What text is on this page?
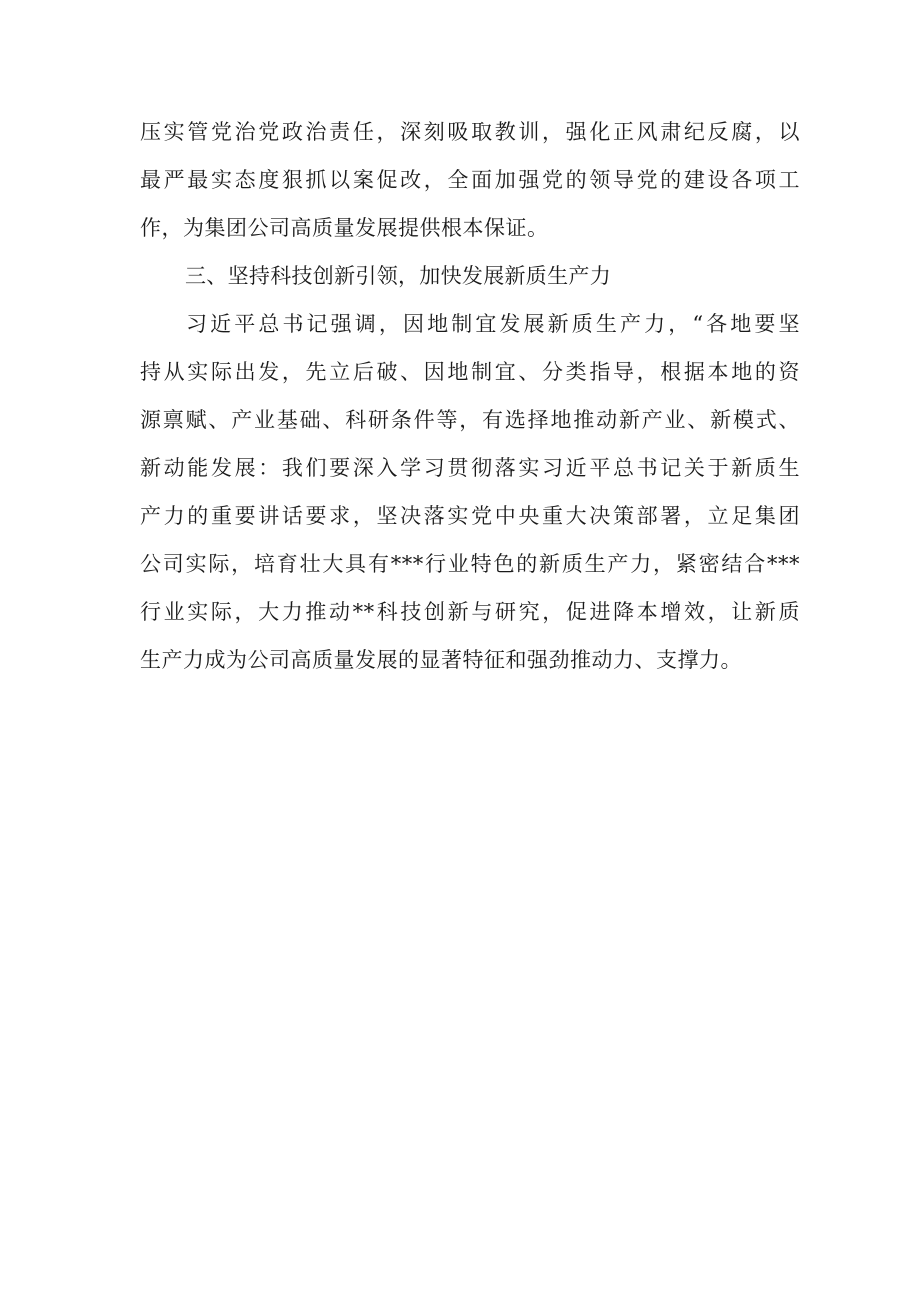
压实管党治党政治责任，深刻吸取教训，强化正风肃纪反腐，以
最严最实态度狠抓以案促改，全面加强党的领导党的建设各项工
作，为集团公司高质量发展提供根本保证。
三、坚持科技创新引领，加快发展新质生产力
习近平总书记强调，因地制宜发展新质生产力，“各地要坚
持从实际出发，先立后破、因地制宜、分类指导，根据本地的资
源禀赋、产业基础、科研条件等，有选择地推动新产业、新模式、
新动能发展：我们要深入学习贯彻落实习近平总书记关于新质生
产力的重要讲话要求，坚决落实党中央重大决策部署，立足集团
公司实际，培育壮大具有***行业特色的新质生产力，紧密结合***
行业实际，大力推动**科技创新与研究，促进降本增效，让新质
生产力成为公司高质量发展的显著特征和强劲推动力、支撑力。
